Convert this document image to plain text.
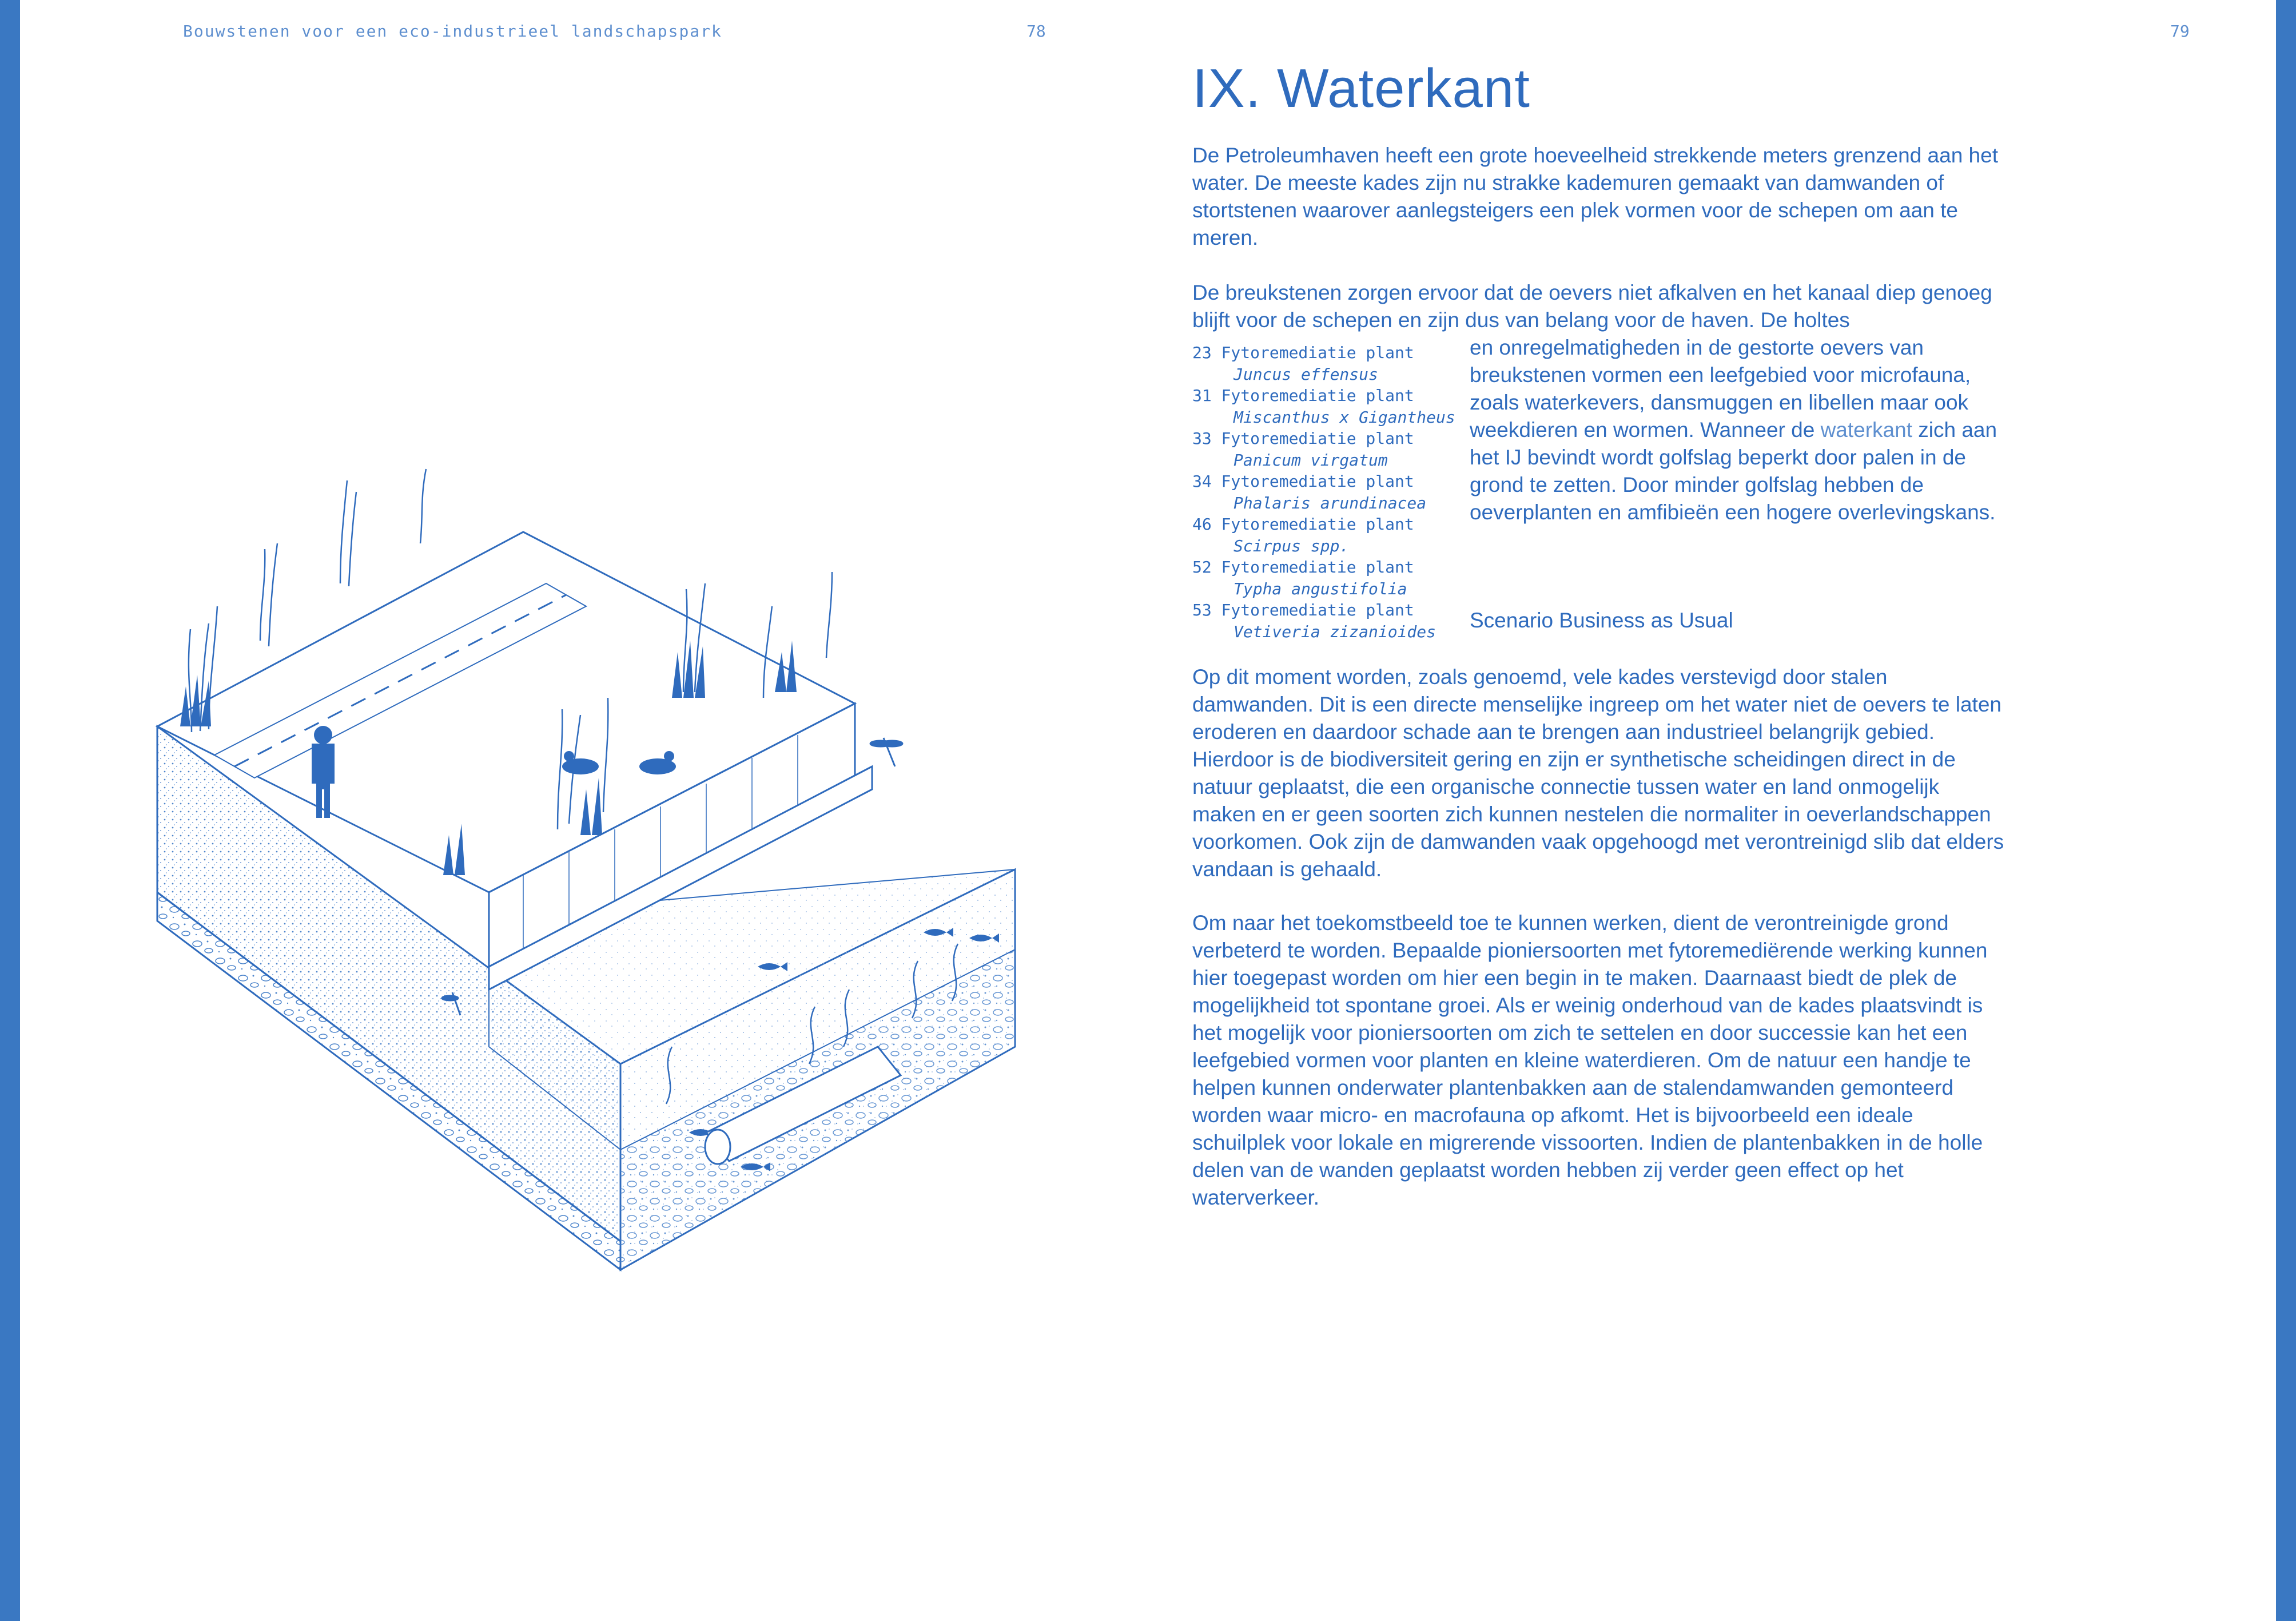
Bouwstenen voor een eco-industrieel landschapspark	78	79
IX. Waterkant

De Petroleumhaven heeft een grote hoeveelheid strekkende meters grenzend aan het water. De meeste kades zijn nu strakke kademuren gemaakt van damwanden of stortstenen waarover aanlegsteigers een plek vormen voor de schepen om aan te meren.

De breukstenen zorgen ervoor dat de oevers niet afkalven en het kanaal diep genoeg blijft voor de schepen en zijn dus van belang voor de haven. De holtes

23 Fytoremediatie plant
Juncus effensus
31 Fytoremediatie plant
Miscanthus x Gigantheus
33 Fytoremediatie plant
Panicum virgatum
34 Fytoremediatie plant
Phalaris arundinacea
46 Fytoremediatie plant
Scirpus spp.
52 Fytoremediatie plant
Typha angustifolia
53 Fytoremediatie plant
Vetiveria zizanioides

en onregelmatigheden in de gestorte oevers van breukstenen vormen een leefgebied voor microfauna, zoals waterkevers, dansmuggen en libellen maar ook weekdieren en wormen. Wanneer de waterkant zich aan het IJ bevindt wordt golfslag beperkt door palen in de grond te zetten. Door minder golfslag hebben de oeverplanten en amfibieën een hogere overlevingskans.

Scenario Business as Usual

Op dit moment worden, zoals genoemd, vele kades verstevigd door stalen damwanden. Dit is een directe menselijke ingreep om het water niet de oevers te laten eroderen en daardoor schade aan te brengen aan industrieel belangrijk gebied. Hierdoor is de biodiversiteit gering en zijn er synthetische scheidingen direct in de natuur geplaatst, die een organische connectie tussen water en land onmogelijk maken en er geen soorten zich kunnen nestelen die normaliter in oeverlandschappen voorkomen. Ook zijn de damwanden vaak opgehoogd met verontreinigd slib dat elders vandaan is gehaald.

Om naar het toekomstbeeld toe te kunnen werken, dient de verontreinigde grond verbeterd te worden. Bepaalde pioniersoorten met fytoremediërende werking kunnen hier toegepast worden om hier een begin in te maken. Daarnaast biedt de plek de mogelijkheid tot spontane groei. Als er weinig onderhoud van de kades plaatsvindt is het mogelijk voor pioniersoorten om zich te settelen en door successie kan het een leefgebied vormen voor planten en kleine waterdieren. Om de natuur een handje te helpen kunnen onderwater plantenbakken aan de stalendamwanden gemonteerd worden waar micro- en macrofauna op afkomt. Het is bijvoorbeeld een ideale schuilplek voor lokale en migrerende vissoorten. Indien de plantenbakken in de holle delen van de wanden geplaatst worden hebben zij verder geen effect op het waterverkeer.
